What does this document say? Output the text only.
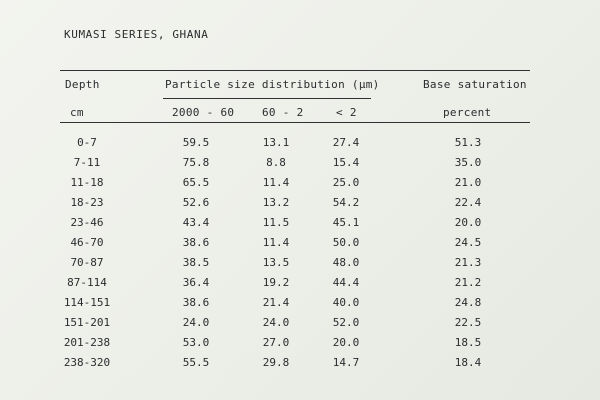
KUMASI SERIES, GHANA
Depth	Particle size distribution (μm)	Base saturation
cm	2000 - 60	60 - 2	< 2	percent
0-7	59.5	13.1	27.4	51.3
7-11	75.8	8.8	15.4	35.0
11-18	65.5	11.4	25.0	21.0
18-23	52.6	13.2	54.2	22.4
23-46	43.4	11.5	45.1	20.0
46-70	38.6	11.4	50.0	24.5
70-87	38.5	13.5	48.0	21.3
87-114	36.4	19.2	44.4	21.2
114-151	38.6	21.4	40.0	24.8
151-201	24.0	24.0	52.0	22.5
201-238	53.0	27.0	20.0	18.5
238-320	55.5	29.8	14.7	18.4
